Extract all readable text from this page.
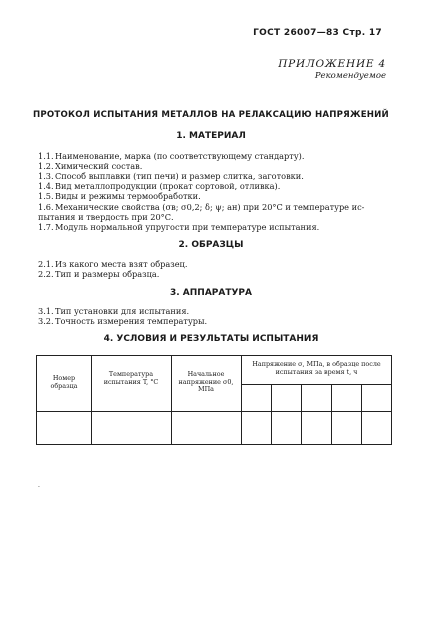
ГОСТ 26007—83 Стр. 17
ПРИЛОЖЕНИЕ 4
Рекомендуемое
ПРОТОКОЛ ИСПЫТАНИЯ МЕТАЛЛОВ НА РЕЛАКСАЦИЮ НАПРЯЖЕНИЙ
1. МАТЕРИАЛ
1.1.Наименование, марка (по соответствующему стандарту).
1.2.Химический состав.
1.3.Способ выплавки (тип печи) и размер слитка, заготовки.
1.4.Вид металлопродукции (прокат сортовой, отливка).
1.5.Виды и режимы термообработки.
1.6.Механические свойства (σв; σ0,2; δ; ψ; aн) при 20°С и температуре ис-
пытания и твердость при 20°С.
1.7.Модуль нормальной упругости при температуре испытания.
2. ОБРАЗЦЫ
2.1.Из какого места взят образец.
2.2.Тип и размеры образца.
3. АППАРАТУРА
3.1.Тип установки для испытания.
3.2.Точность измерения температуры.
4. УСЛОВИЯ И РЕЗУЛЬТАТЫ ИСПЫТАНИЯ
Номер образца
Температура испытания T, °С
Начальное напряжение σ0, МПа
Напряжение σ, МПа, в образце после испытания за время t, ч
.
